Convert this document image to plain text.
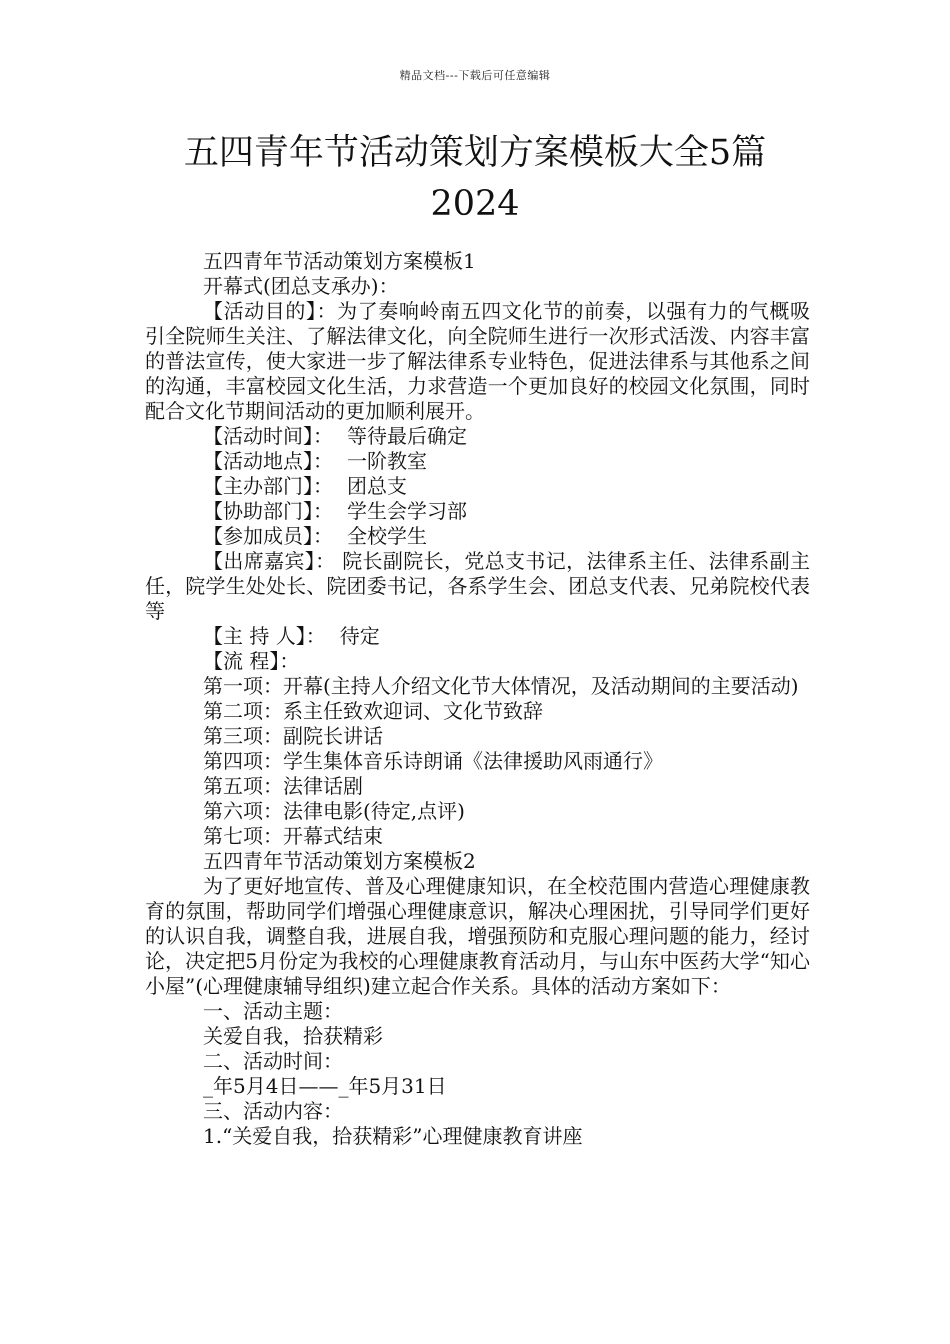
精品文档---下载后可任意编辑
五四青年节活动策划方案模板大全5篇
2024

五四青年节活动策划方案模板1

开幕式(团总支承办)：

【活动目的】：为了奏响岭南五四文化节的前奏，以强有力的气概吸引全院师生关注、了解法律文化，向全院师生进行一次形式活泼、内容丰富的普法宣传，使大家进一步了解法律系专业特色，促进法律系与其他系之间的沟通，丰富校园文化生活，力求营造一个更加良好的校园文化氛围，同时配合文化节期间活动的更加顺利展开。

【活动时间】： 等待最后确定

【活动地点】： 一阶教室

【主办部门】： 团总支

【协助部门】： 学生会学习部

【参加成员】： 全校学生

【出席嘉宾】： 院长副院长，党总支书记，法律系主任、法律系副主任，院学生处处长、院团委书记，各系学生会、团总支代表、兄弟院校代表等

【主 持 人】： 待定

【流 程】：

第一项：开幕(主持人介绍文化节大体情况，及活动期间的主要活动)

第二项：系主任致欢迎词、文化节致辞

第三项：副院长讲话

第四项：学生集体音乐诗朗诵《法律援助风雨通行》

第五项：法律话剧

第六项：法律电影(待定,点评)

第七项：开幕式结束

五四青年节活动策划方案模板2

为了更好地宣传、普及心理健康知识，在全校范围内营造心理健康教育的氛围，帮助同学们增强心理健康意识，解决心理困扰，引导同学们更好的认识自我，调整自我，进展自我，增强预防和克服心理问题的能力，经讨论，决定把5月份定为我校的心理健康教育活动月，与山东中医药大学“知心小屋”(心理健康辅导组织)建立起合作关系。具体的活动方案如下：

一、活动主题：

关爱自我，拾获精彩

二、活动时间：

_年5月4日——_年5月31日

三、活动内容：

1.“关爱自我，拾获精彩”心理健康教育讲座
